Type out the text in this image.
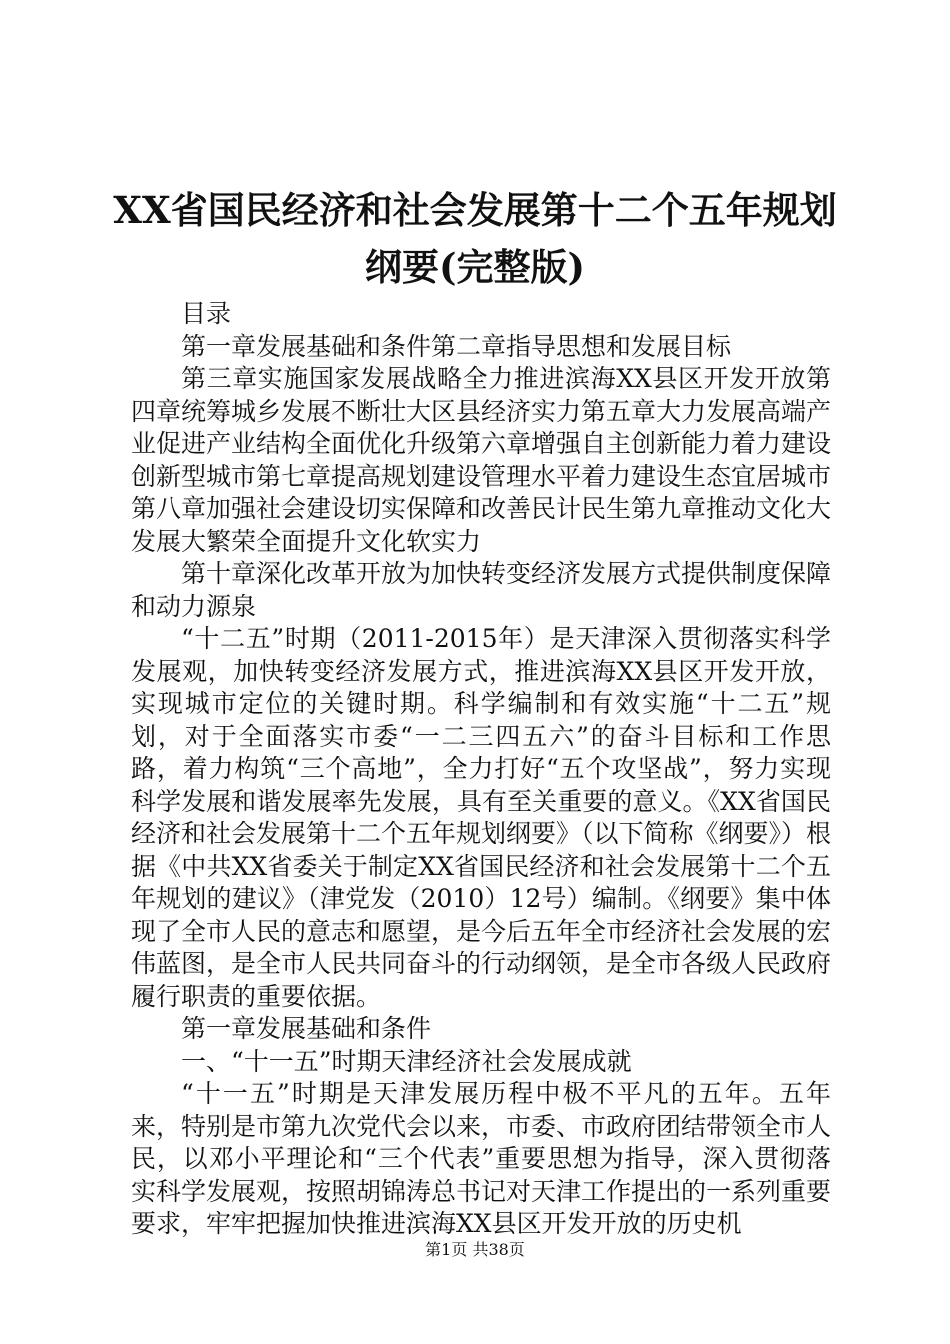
XX省国民经济和社会发展第十二个五年规划
纲要(完整版)

目录

第一章发展基础和条件第二章指导思想和发展目标

第三章实施国家发展战略全力推进滨海XX县区开发开放第四章统筹城乡发展不断壮大区县经济实力第五章大力发展高端产业促进产业结构全面优化升级第六章增强自主创新能力着力建设创新型城市第七章提高规划建设管理水平着力建设生态宜居城市第八章加强社会建设切实保障和改善民计民生第九章推动文化大发展大繁荣全面提升文化软实力

第十章深化改革开放为加快转变经济发展方式提供制度保障和动力源泉

“十二五”时期（2011-2015年）是天津深入贯彻落实科学发展观，加快转变经济发展方式，推进滨海XX县区开发开放，实现城市定位的关键时期。科学编制和有效实施“十二五”规划，对于全面落实市委“一二三四五六”的奋斗目标和工作思路，着力构筑“三个高地”，全力打好“五个攻坚战”，努力实现科学发展和谐发展率先发展，具有至关重要的意义。《XX省国民经济和社会发展第十二个五年规划纲要》（以下简称《纲要》）根据《中共XX省委关于制定XX省国民经济和社会发展第十二个五年规划的建议》（津党发（2010）12号）编制。《纲要》集中体现了全市人民的意志和愿望，是今后五年全市经济社会发展的宏伟蓝图，是全市人民共同奋斗的行动纲领，是全市各级人民政府履行职责的重要依据。

第一章发展基础和条件

一、“十一五”时期天津经济社会发展成就

“十一五”时期是天津发展历程中极不平凡的五年。五年来，特别是市第九次党代会以来，市委、市政府团结带领全市人民，以邓小平理论和“三个代表”重要思想为指导，深入贯彻落实科学发展观，按照胡锦涛总书记对天津工作提出的一系列重要要求，牢牢把握加快推进滨海XX县区开发开放的历史机

第1页 共38页
